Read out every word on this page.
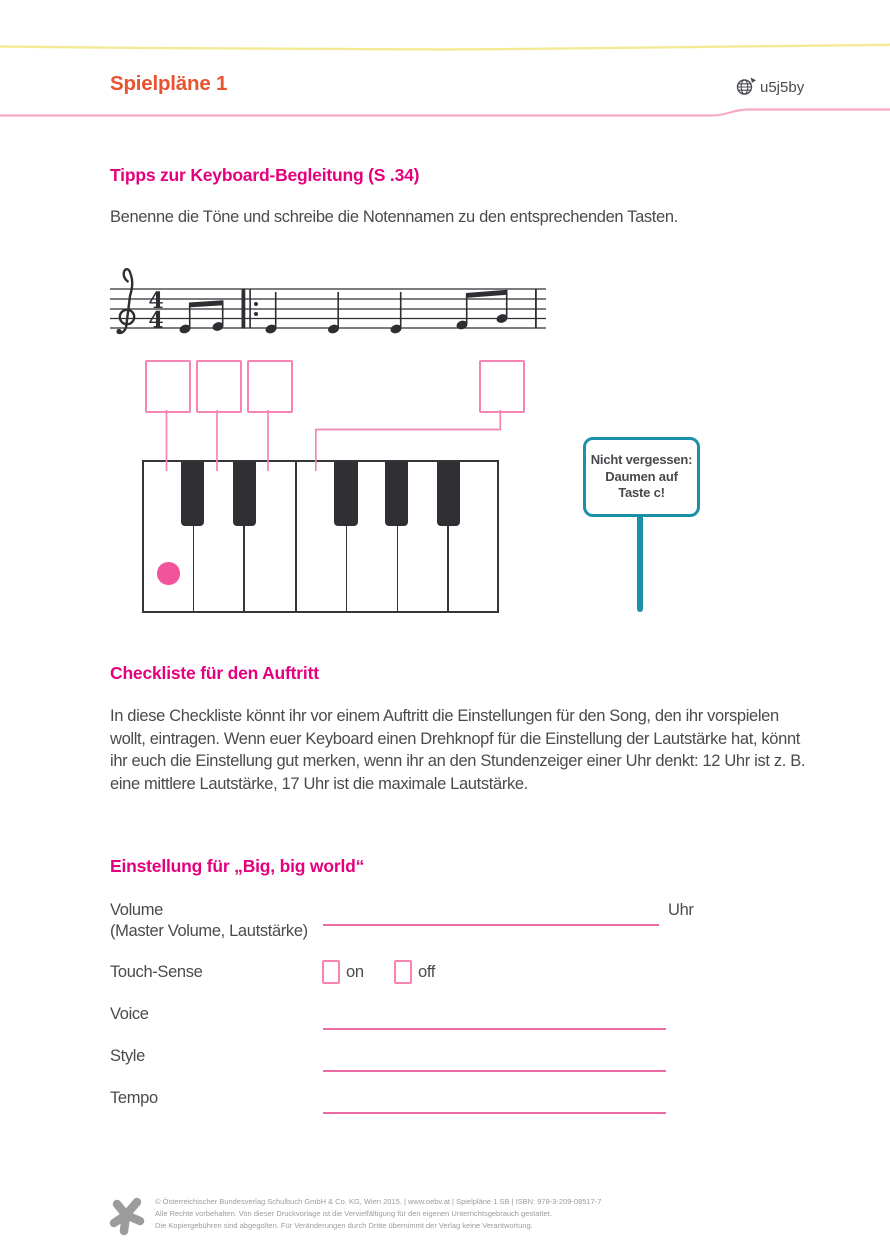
Spielpläne 1	u5j5by
Tipps zur Keyboard-Begleitung (S .34)
Benenne die Töne und schreibe die Notennamen zu den entsprechenden Tasten.
4
4
Nicht vergessen:
Daumen auf
Taste c!
Checkliste für den Auftritt
In diese Checkliste könnt ihr vor einem Auftritt die Einstellungen für den Song, den ihr vorspielen wollt, eintragen. Wenn euer Keyboard einen Drehknopf für die Einstellung der Lautstärke hat, könnt ihr euch die Einstellung gut merken, wenn ihr an den Stundenzeiger einer Uhr denkt: 12 Uhr ist z. B. eine mittlere Lautstärke, 17 Uhr ist die maximale Lautstärke.
Einstellung für „Big, big world“
Volume	Uhr
(Master Volume, Lautstärke)
Touch-Sense	on	off
Voice
Style
Tempo
© Österreichischer Bundesverlag Schulbuch GmbH & Co. KG, Wien 2015. | www.oebv.at | Spielpläne 1 SB | ISBN: 978-3-209-08517-7
Alle Rechte vorbehalten. Von dieser Druckvorlage ist die Vervielfältigung für den eigenen Unterrichtsgebrauch gestattet.
Die Kopiergebühren sind abgegolten. Für Veränderungen durch Dritte übernimmt der Verlag keine Verantwortung.
